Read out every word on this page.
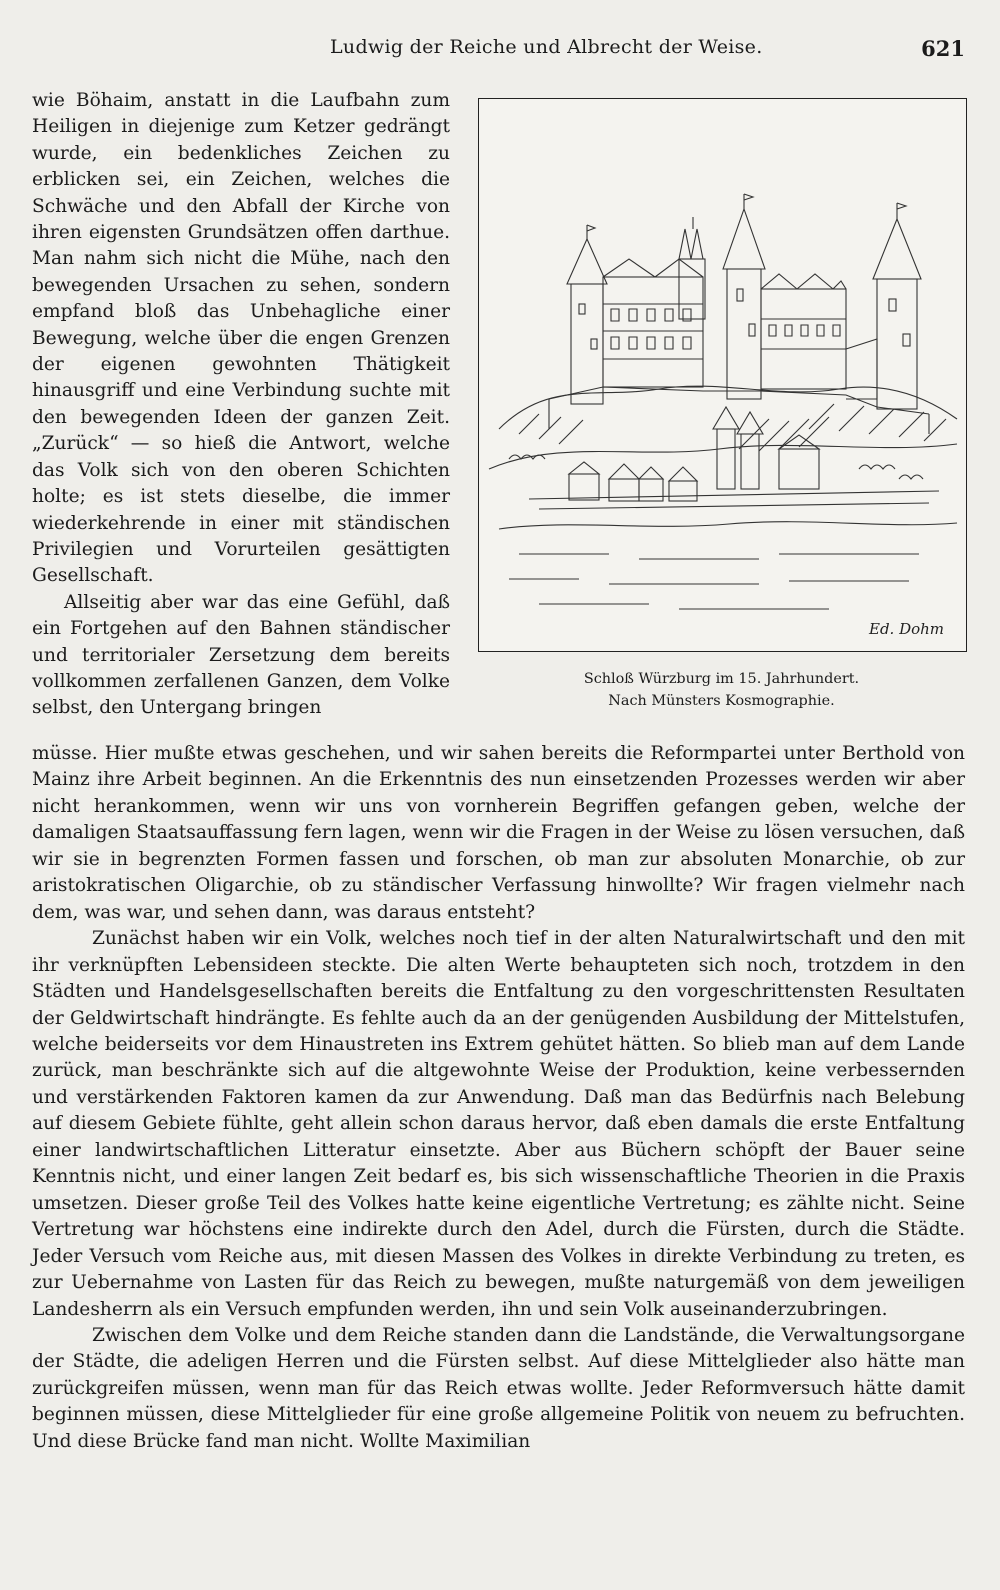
Ludwig der Reiche und Albrecht der Weise.	621

wie Böhaim, anstatt in die Laufbahn zum Heiligen in diejenige zum Ketzer gedrängt wurde, ein bedenkliches Zeichen zu erblicken sei, ein Zeichen, welches die Schwäche und den Abfall der Kirche von ihren eigensten Grundsätzen offen darthue. Man nahm sich nicht die Mühe, nach den bewegenden Ursachen zu sehen, sondern empfand bloß das Unbehagliche einer Bewegung, welche über die engen Grenzen der eigenen gewohnten Thätigkeit hinausgriff und eine Verbindung suchte mit den bewegenden Ideen der ganzen Zeit. „Zurück“ — so hieß die Antwort, welche das Volk sich von den oberen Schichten holte; es ist stets dieselbe, die immer wiederkehrende in einer mit ständischen Privilegien und Vorurteilen gesättigten Gesellschaft.

Allseitig aber war das eine Gefühl, daß ein Fortgehen auf den Bahnen ständischer und territorialer Zersetzung dem bereits vollkommen zerfallenen Ganzen, dem Volke selbst, den Untergang bringen

Ed. Dohm
Schloß Würzburg im 15. Jahrhundert.
Nach Münsters Kosmographie.

müsse. Hier mußte etwas geschehen, und wir sahen bereits die Reformpartei unter Berthold von Mainz ihre Arbeit beginnen. An die Erkenntnis des nun einsetzenden Prozesses werden wir aber nicht herankommen, wenn wir uns von vornherein Begriffen gefangen geben, welche der damaligen Staatsauffassung fern lagen, wenn wir die Fragen in der Weise zu lösen versuchen, daß wir sie in begrenzten Formen fassen und forschen, ob man zur absoluten Monarchie, ob zur aristokratischen Oligarchie, ob zu ständischer Verfassung hinwollte? Wir fragen vielmehr nach dem, was war, und sehen dann, was daraus entsteht?

Zunächst haben wir ein Volk, welches noch tief in der alten Naturalwirtschaft und den mit ihr verknüpften Lebensideen steckte. Die alten Werte behaupteten sich noch, trotzdem in den Städten und Handelsgesellschaften bereits die Entfaltung zu den vorgeschrittensten Resultaten der Geldwirtschaft hindrängte. Es fehlte auch da an der genügenden Ausbildung der Mittelstufen, welche beiderseits vor dem Hinaustreten ins Extrem gehütet hätten. So blieb man auf dem Lande zurück, man beschränkte sich auf die altgewohnte Weise der Produktion, keine verbessernden und verstärkenden Faktoren kamen da zur Anwendung. Daß man das Bedürfnis nach Belebung auf diesem Gebiete fühlte, geht allein schon daraus hervor, daß eben damals die erste Entfaltung einer landwirtschaftlichen Litteratur einsetzte. Aber aus Büchern schöpft der Bauer seine Kenntnis nicht, und einer langen Zeit bedarf es, bis sich wissenschaftliche Theorien in die Praxis umsetzen. Dieser große Teil des Volkes hatte keine eigentliche Vertretung; es zählte nicht. Seine Vertretung war höchstens eine indirekte durch den Adel, durch die Fürsten, durch die Städte. Jeder Versuch vom Reiche aus, mit diesen Massen des Volkes in direkte Verbindung zu treten, es zur Uebernahme von Lasten für das Reich zu bewegen, mußte naturgemäß von dem jeweiligen Landesherrn als ein Versuch empfunden werden, ihn und sein Volk auseinanderzubringen.

Zwischen dem Volke und dem Reiche standen dann die Landstände, die Verwaltungsorgane der Städte, die adeligen Herren und die Fürsten selbst. Auf diese Mittelglieder also hätte man zurückgreifen müssen, wenn man für das Reich etwas wollte. Jeder Reformversuch hätte damit beginnen müssen, diese Mittelglieder für eine große allgemeine Politik von neuem zu befruchten. Und diese Brücke fand man nicht. Wollte Maximilian
